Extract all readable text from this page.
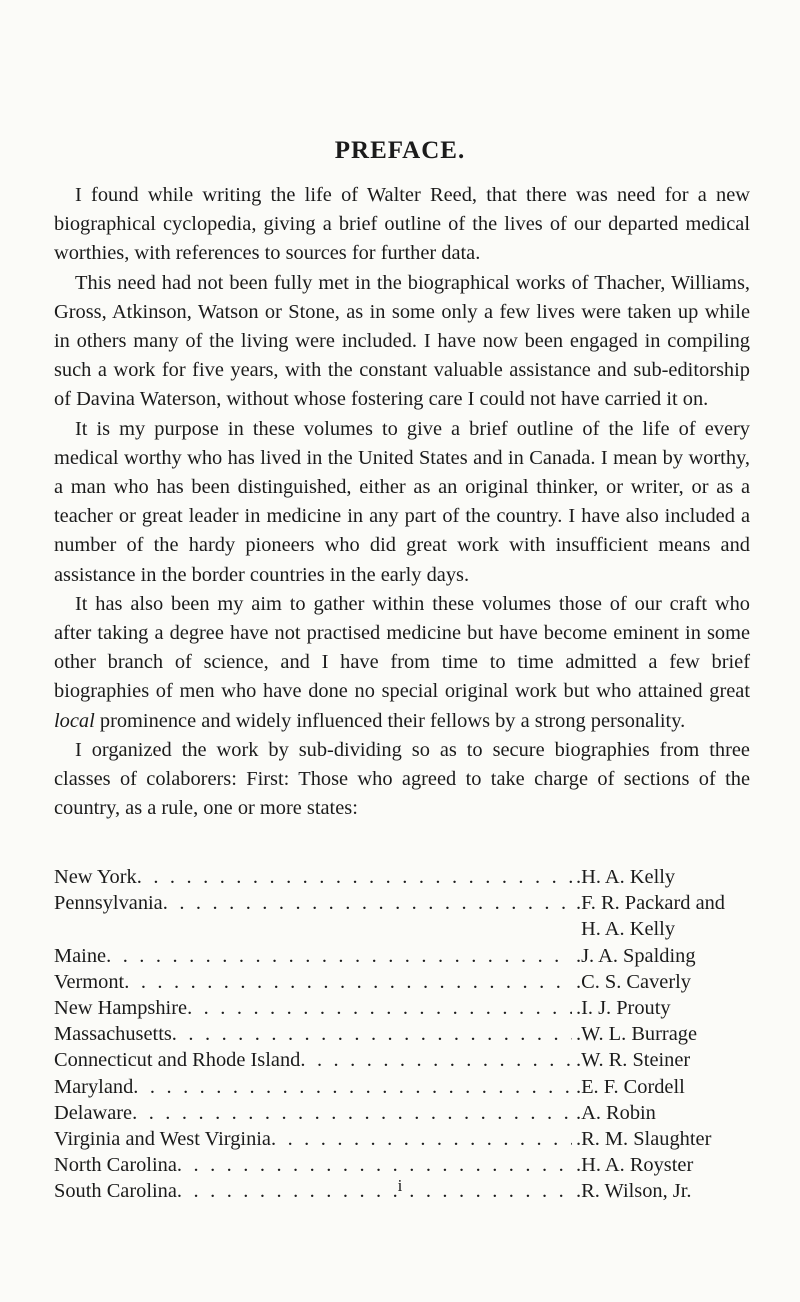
PREFACE.

I found while writing the life of Walter Reed, that there was need for a new biographical cyclopedia, giving a brief outline of the lives of our departed medical worthies, with references to sources for further data.

This need had not been fully met in the biographical works of Thacher, Williams, Gross, Atkinson, Watson or Stone, as in some only a few lives were taken up while in others many of the living were included. I have now been engaged in compiling such a work for five years, with the constant valuable assistance and sub-editorship of Davina Waterson, without whose fostering care I could not have carried it on.

It is my purpose in these volumes to give a brief outline of the life of every medical worthy who has lived in the United States and in Canada. I mean by worthy, a man who has been distinguished, either as an original thinker, or writer, or as a teacher or great leader in medicine in any part of the country. I have also included a number of the hardy pioneers who did great work with insufficient means and assistance in the border countries in the early days.

It has also been my aim to gather within these volumes those of our craft who after taking a degree have not practised medicine but have become eminent in some other branch of science, and I have from time to time admitted a few brief biographies of men who have done no special original work but who attained great local prominence and widely influenced their fellows by a strong personality.

I organized the work by sub-dividing so as to secure biographies from three classes of colaborers: First: Those who agreed to take charge of sections of the country, as a rule, one or more states:

New York . . .	.H. A. Kelly
Pennsylvania . . .	.F. R. Packard and
H. A. Kelly
Maine . . .	.J. A. Spalding
Vermont . . .	.C. S. Caverly
New Hampshire . . .	.I. J. Prouty
Massachusetts . . .	.W. L. Burrage
Connecticut and Rhode Island . . .	.W. R. Steiner
Maryland . . .	.E. F. Cordell
Delaware . . .	.A. Robin
Virginia and West Virginia . . .	.R. M. Slaughter
North Carolina . . .	.H. A. Royster
South Carolina . . .	.R. Wilson, Jr.
i
